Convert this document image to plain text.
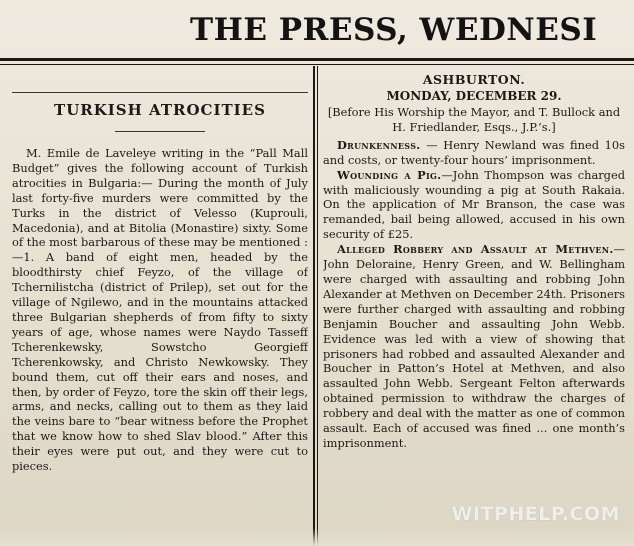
THE PRESS, WEDNESI
TURKISH ATROCITIES

M. Emile de Laveleye writing in the “Pall Mall Budget” gives the following account of Turkish atrocities in Bulgaria:— During the month of July last forty-five murders were committed by the Turks in the district of Velesso (Kuprouli, Macedonia), and at Bitolia (Monastire) sixty. Some of the most barbarous of these may be mentioned :—1. A band of eight men, headed by the bloodthirsty chief Feyzo, of the village of Tchernilistcha (district of Prilep), set out for the village of Ngilewo, and in the mountains attacked three Bulgarian shepherds of from fifty to sixty years of age, whose names were Naydo Tasseff Tcherenkewsky, Sowstcho Georgieff Tcherenkowsky, and Christo Newkowsky. They bound them, cut off their ears and noses, and then, by order of Feyzo, tore the skin off their legs, arms, and necks, calling out to them as they laid the veins bare to “bear witness before the Prophet that we know how to shed Slav blood.” After this their eyes were put out, and they were cut to pieces.

ASHBURTON.

MONDAY, DECEMBER 29.

[Before His Worship the Mayor, and T. Bullock and H. Friedlander, Esqs., J.P.’s.]

Drunkenness. — Henry Newland was fined 10s and costs, or twenty-four hours’ imprisonment.

Wounding a Pig.—John Thompson was charged with maliciously wounding a pig at South Rakaia. On the application of Mr Branson, the case was remanded, bail being allowed, accused in his own security of £25.

Alleged Robbery and Assault at Methven.—John Deloraine, Henry Green, and W. Bellingham were charged with assaulting and robbing John Alexander at Methven on December 24th. Prisoners were further charged with assaulting and robbing Benjamin Boucher and assaulting John Webb. Evidence was led with a view of showing that prisoners had robbed and assaulted Alexander and Boucher in Patton’s Hotel at Methven, and also assaulted John Webb. Sergeant Felton afterwards obtained permission to withdraw the charges of robbery and deal with the matter as one of common assault. Each of accused was fined ... one month’s imprisonment.

WITPHELP.COM
